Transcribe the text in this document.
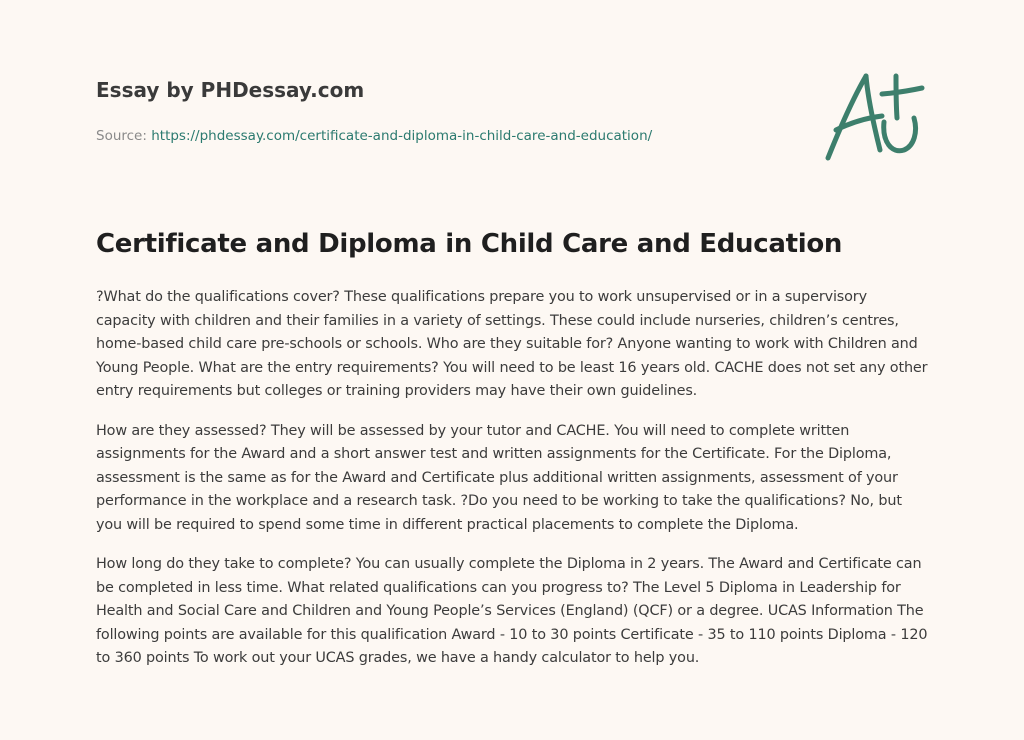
Essay by PHDessay.com
Source: https://phdessay.com/certificate-and-diploma-in-child-care-and-education/
Certificate and Diploma in Child Care and Education

?What do the qualifications cover? These qualifications prepare you to work unsupervised or in a supervisory capacity with children and their families in a variety of settings. These could include nurseries, children’s centres, home-based child care pre-schools or schools. Who are they suitable for? Anyone wanting to work with Children and Young People. What are the entry requirements? You will need to be least 16 years old. CACHE does not set any other entry requirements but colleges or training providers may have their own guidelines.

How are they assessed? They will be assessed by your tutor and CACHE. You will need to complete written assignments for the Award and a short answer test and written assignments for the Certificate. For the Diploma, assessment is the same as for the Award and Certificate plus additional written assignments, assessment of your performance in the workplace and a research task. ?Do you need to be working to take the qualifications? No, but you will be required to spend some time in different practical placements to complete the Diploma.

How long do they take to complete? You can usually complete the Diploma in 2 years. The Award and Certificate can be completed in less time. What related qualifications can you progress to? The Level 5 Diploma in Leadership for Health and Social Care and Children and Young People’s Services (England) (QCF) or a degree. UCAS Information The following points are available for this qualification Award - 10 to 30 points Certificate - 35 to 110 points Diploma - 120 to 360 points To work out your UCAS grades, we have a handy calculator to help you.
